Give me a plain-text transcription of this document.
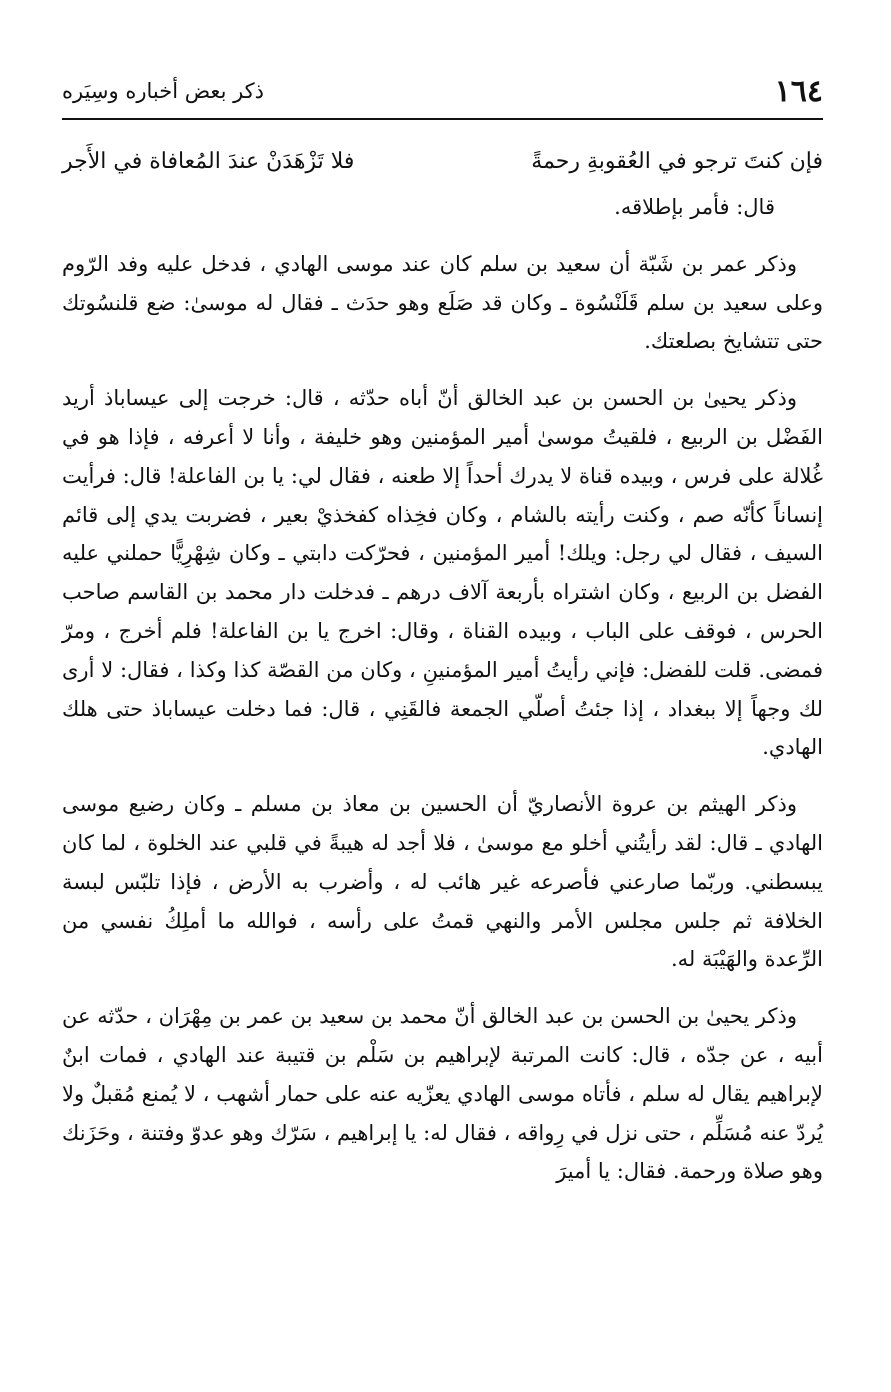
١٦٤
ذكر بعض أخباره وسِيَره
فإن كنتَ ترجو في العُقوبةِ رحمةً
فلا تَزْهَدَنْ عندَ المُعافاة في الأَجر

قال: فأمر بإطلاقه.

وذكر عمر بن شَبّة أن سعيد بن سلم كان عند موسى الهادي ، فدخل عليه وفد الرّوم وعلى سعيد بن سلم قَلَنْسُوة ـ وكان قد صَلَع وهو حدَث ـ فقال له موسىٰ: ضع قلنسُوتك حتى تتشايخ بصلعتك.

وذكر يحيىٰ بن الحسن بن عبد الخالق أنّ أباه حدّثه ، قال: خرجت إلى عيساباذ أريد الفَضْل بن الربيع ، فلقيتُ موسىٰ أمير المؤمنين وهو خليفة ، وأنا لا أعرفه ، فإذا هو في غُلالة على فرس ، وبيده قناة لا يدرك أحداً إلا طعنه ، فقال لي: يا بن الفاعلة! قال: فرأيت إنساناً كأنّه صم ، وكنت رأيته بالشام ، وكان فخِذاه كفخذيْ بعير ، فضربت يدي إلى قائم السيف ، فقال لي رجل: ويلك! أمير المؤمنين ، فحرّكت دابتي ـ وكان شِهْرِيًّا حملني عليه الفضل بن الربيع ، وكان اشتراه بأربعة آلاف درهم ـ فدخلت دار محمد بن القاسم صاحب الحرس ، فوقف على الباب ، وبيده القناة ، وقال: اخرج يا بن الفاعلة! فلم أخرج ، ومرّ فمضى. قلت للفضل: فإني رأيتُ أمير المؤمنينِ ، وكان من القصّة كذا وكذا ، فقال: لا أرى لك وجهاً إلا ببغداد ، إذا جئتُ أصلّي الجمعة فالقَنِي ، قال: فما دخلت عيساباذ حتى هلك الهادي.

وذكر الهيثم بن عروة الأنصاريّ أن الحسين بن معاذ بن مسلم ـ وكان رضيع موسى الهادي ـ قال: لقد رأيتُني أخلو مع موسىٰ ، فلا أجد له هيبةً في قلبي عند الخلوة ، لما كان يبسطني. وربّما صارعني فأصرعه غير هائب له ، وأضرب به الأرض ، فإذا تلبّس لبسة الخلافة ثم جلس مجلس الأمر والنهي قمتُ على رأسه ، فوالله ما أملِكُ نفسي من الرِّعدة والهَيْبَة له.

وذكر يحيىٰ بن الحسن بن عبد الخالق أنّ محمد بن سعيد بن عمر بن مِهْرَان ، حدّثه عن أبيه ، عن جدّه ، قال: كانت المرتبة لإبراهيم بن سَلْم بن قتيبة عند الهادي ، فمات ابنٌ لإبراهيم يقال له سلم ، فأتاه موسى الهادي يعزّيه عنه على حمار أشهب ، لا يُمنع مُقبلٌ ولا يُردّ عنه مُسَلِّم ، حتى نزل في رِواقه ، فقال له: يا إبراهيم ، سَرّك وهو عدوّ وفتنة ، وحَزَنك وهو صلاة ورحمة. فقال: يا أميرَ
